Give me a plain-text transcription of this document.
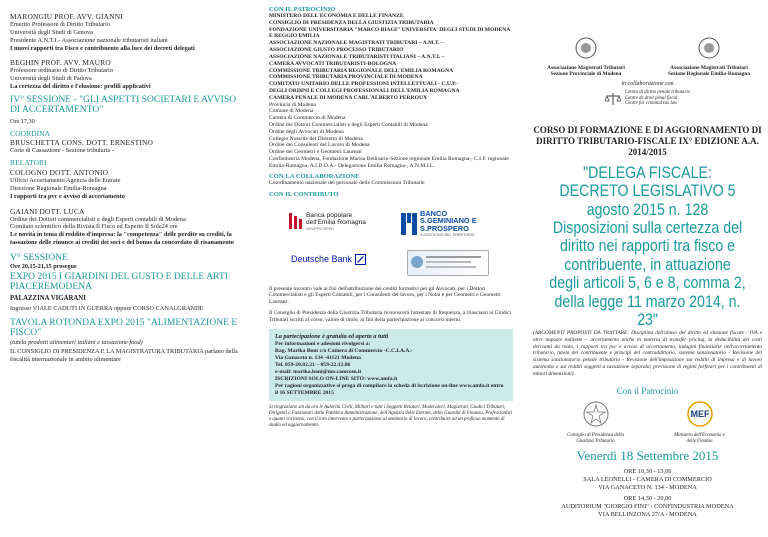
MARONGIU PROF. AVV. GIANNI
Emerito Professore di Diritto Tributario
Università degli Studi di Genova
Presidente A.N.T.I.- Associazione nazionale tributaristi italiani
I nuovi rapporti tra Fisco e contribuente alla luce dei decreti delegati
BEGHIN PROF. AVV. MAURO
Professore ordinario di Diritto Tributario
Università degli Studi di Padova
La certezza del diritto e l'elusione: profili applicativi
IV° SESSIONE - "GLI ASPETTI SOCIETARI E AVVISO DI ACCERTAMENTO"
Ore 17,30
COORDINA
BRUSCHETTA CONS. DOTT. ERNESTINO
Corte di Cassazione - Sezione tributaria -
RELATORI
COLOGNO DOTT. ANTONIO
Ufficio Accertamento Agenzia delle Entrate
Direzione Regionale Emilia-Romagna
I rapporti tra pvc e avviso di accertamento
GAIANI DOTT. LUCA
Ordine dei Dottori commercialisti e degli Esperti contabili di Modena
Comitato scientifico della Rivista Il Fisco ed Esperto Il Sole24 ore
Le novità in tema di reddito d'impresa: la "competenza" delle perdite su crediti, la tassazione delle rinunce ai crediti dei soci e del bonus da concordato di risanamento
V° SESSIONE
Ore 20,15-21,15 prosegue
EXPO 2015 I GIARDINI DEL GUSTO E DELLE ARTI PIACEREMODENA
PALAZZINA VIGARANI
Ingresso VIALE CADUTI IN GUERRA oppure CORSO CANALGRANDE
TAVOLA ROTONDA EXPO 2015 "ALIMENTAZIONE E FISCO"
(tutela prodotti alimentari italiani e tassazione food)
IL CONSIGLIO DI PRESIDENZA E LA MAGISTRATURA TRIBUTARIA parlano della fiscalità internazionale in ambito alimentare
CON IL PATROCINIO
MINISTERO DELL'ECONOMIA E DELLE FINANZE
CONSIGLIO DI PRESIDENZA DELLA GIUSTIZIA TRIBUTARIA
FONDAZIONE UNIVERSITARIA "MARCO BIAGI" UNIVERSITA' DEGLI STUDI DI MODENA E REGGIO EMILIA
ASSOCIAZIONE NAZIONALE MAGISTRATI TRIBUTARI – A.M.T. –
ASSOCIAZIONE GIUSTO PROCESSO TRIBUTARIO
ASSOCIAZIONE NAZIONALE TRIBUTARISTI ITALIANI – A.N.T.I. –
CAMERA AVVOCATI TRIBUTARISTI-BOLOGNA
COMMISSIONE TRIBUTARIA REGIONALE DELL'EMILIA ROMAGNA
COMMISSIONE TRIBUTARIA PROVINCIALE DI MODENA
COMITATO UNITARIO DELLE PROFESSIONI INTELLETTUALI - C.U.P.-
DEGLI ORDINI E COLLEGI PROFESSIONALI DELL'EMILIA ROMAGNA
CAMERA PENALE DI MODENA CARL'ALBERTO PERROUX
Provincia di Modena
Comune di Modena
Camera di Commercio di Modena
Ordine dei Dottori Commercialisti e degli Esperti Contabili di Modena
Ordine degli Avvocati di Modena
Collegio Notarile del Distretto di Modena
Ordine dei Consulenti del Lavoro di Modena
Ordine dei Geometri e Geometri Laureati
Confindustria Modena, Fondazione Marisa Bellisario-Sezione regionale Emilia Romagna-, C.I.F. regionale Emilia-Romagna, A.I.D.D.A.- Delegazione Emilia Romagna-, A.N.M.I.L.
CON LA COLLABORAZIONE
Coordinamento nazionale del personale delle Commissioni Tributarie
CON IL CONTRIBUTO
Banca popolare dell'Emilia Romagna
GRUPPO BPER
BANCO S.GEMINIANO E S.PROSPERO
A SOSTEGNO DEL TERRITORIO
Deutsche Bank
Il presente incontro vale ai fini dell'attribuzione dei crediti formativi per gli Avvocati, per i Dottori Commercialisti e gli Esperti Contabili, per i Consulenti del lavoro, per i Notai e per Geometri e Geometri Laureati.
Il Consiglio di Presidenza della Giustizia Tributaria riconoscerà l'attestato di frequenza, a rilasciarsi ai Giudici Tributari iscritti al corso, valore di titolo, ai fini della partecipazione ai concorsi interni.
La partecipazione è gratuita ed aperta a tutti
Per informazioni e adesioni rivolgersi a:
Rag. Marika Boni c/o Camera di Commercio -C.C.I.A.A.-
Via Ganaceto n. 134 -41121 Modena
Tel. 059-20.82.21 – 059-22.12.86
e-mail: marika.boni@mo.camcom.it
ISCRIZIONI SOLO ON-LINE SITO: www.amfa.it
Per ragioni organizzative si prega di compilare la scheda di iscrizione on-line www.amfa.it entro il 16 SETTEMBRE 2015
Si ringraziano sin da ora le Autorità Civili, Militari e tutti i Soggetti Relatori, Moderatori, Magistrati, Giudici Tributari, Dirigenti e Funzionari della Pubblica Amministrazione, dell'Agenzia delle Entrate, della Guardia di Finanza, Professionisti e quanti vorranno, con il loro intervento e partecipazione al seminario di lavoro, contribuire ad un proficuo momento di studio ed aggiornamento.
Associazione Magistrati Tributari Sezione Provinciale di Modena
Associazione Magistrati Tributari Sezione Regionale Emilia-Romagna
in collaborazione con
Centro di diritto penale tributario
Centre de droit pénal fiscal
Centre for criminal tax law
CORSO DI FORMAZIONE E DI AGGIORNAMENTO DI DIRITTO TRIBUTARIO-FISCALE IX° EDIZIONE A.A. 2014/2015
"DELEGA FISCALE: DECRETO LEGISLATIVO 5 agosto 2015 n. 128 Disposizioni sulla certezza del diritto nei rapporti tra fisco e contribuente, in attuazione degli articoli 5, 6 e 8, comma 2, della legge 11 marzo 2014, n. 23"
(ARGOMENTI PROPOSTI DA TRATTARE: Disciplina dell'abuso del diritto ed elusione fiscale - IVA e altre imposte indirette – accertamento anche in materia di transfer pricing, la deducibilità dei costi derivanti da reato, i rapporti tra pvc e avviso di accertamento, indagini finanziarie nell'accertamento tributario, tutela del contribuente e principi del contraddittorio, sistema sanzionatorio - Revisione del sistema sanzionatorio penale tributario - Revisione dell'imposizione sui redditi di impresa e di lavoro autonomo e sui redditi soggetti a tassazione separata; previsione di regimi forfetari per i contribuenti di minori dimensioni).
Con il Patrocinio
Consiglio di Presidenza della Giustizia Tributaria
MEF
Ministero dell'Economia e delle Finanze
Venerdì 18 Settembre 2015
ORE 10,30 - 13,00
SALA LEONELLI - CAMERA DI COMMERCIO
VIA GANACETO N. 134 - MODENA
ORE 14,30 - 20,00
AUDITORIUM "GIORGIO FINI" - CONFINDUSTRIA MODENA
VIA BELLINZONA 27/A - MODENA
